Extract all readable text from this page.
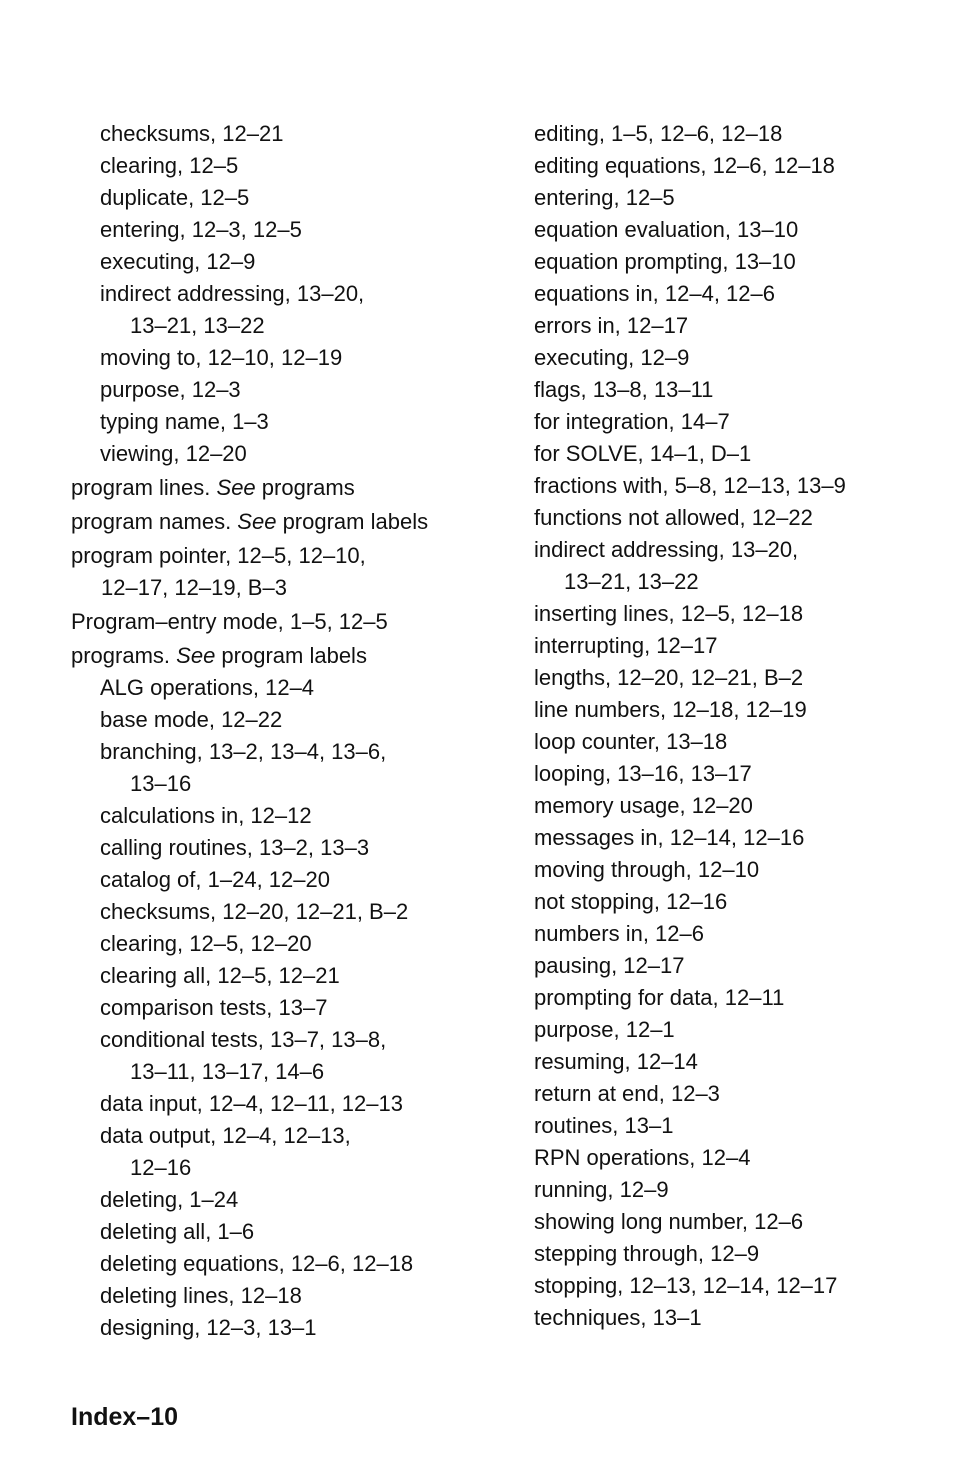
checksums, 12–21
clearing, 12–5
duplicate, 12–5
entering, 12–3, 12–5
executing, 12–9
indirect addressing, 13–20,
13–21, 13–22
moving to, 12–10, 12–19
purpose, 12–3
typing name, 1–3
viewing, 12–20
program lines. See programs
program names. See program labels
program pointer, 12–5, 12–10,
12–17, 12–19, B–3
Program–entry mode, 1–5, 12–5
programs. See program labels
ALG operations, 12–4
base mode, 12–22
branching, 13–2, 13–4, 13–6,
13–16
calculations in, 12–12
calling routines, 13–2, 13–3
catalog of, 1–24, 12–20
checksums, 12–20, 12–21, B–2
clearing, 12–5, 12–20
clearing all, 12–5, 12–21
comparison tests, 13–7
conditional tests, 13–7, 13–8,
13–11, 13–17, 14–6
data input, 12–4, 12–11, 12–13
data output, 12–4, 12–13,
12–16
deleting, 1–24
deleting all, 1–6
deleting equations, 12–6, 12–18
deleting lines, 12–18
designing, 12–3, 13–1
editing, 1–5, 12–6, 12–18
editing equations, 12–6, 12–18
entering, 12–5
equation evaluation, 13–10
equation prompting, 13–10
equations in, 12–4, 12–6
errors in, 12–17
executing, 12–9
flags, 13–8, 13–11
for integration, 14–7
for SOLVE, 14–1, D–1
fractions with, 5–8, 12–13, 13–9
functions not allowed, 12–22
indirect addressing, 13–20,
13–21, 13–22
inserting lines, 12–5, 12–18
interrupting, 12–17
lengths, 12–20, 12–21, B–2
line numbers, 12–18, 12–19
loop counter, 13–18
looping, 13–16, 13–17
memory usage, 12–20
messages in, 12–14, 12–16
moving through, 12–10
not stopping, 12–16
numbers in, 12–6
pausing, 12–17
prompting for data, 12–11
purpose, 12–1
resuming, 12–14
return at end, 12–3
routines, 13–1
RPN operations, 12–4
running, 12–9
showing long number, 12–6
stepping through, 12–9
stopping, 12–13, 12–14, 12–17
techniques, 13–1
Index–10
